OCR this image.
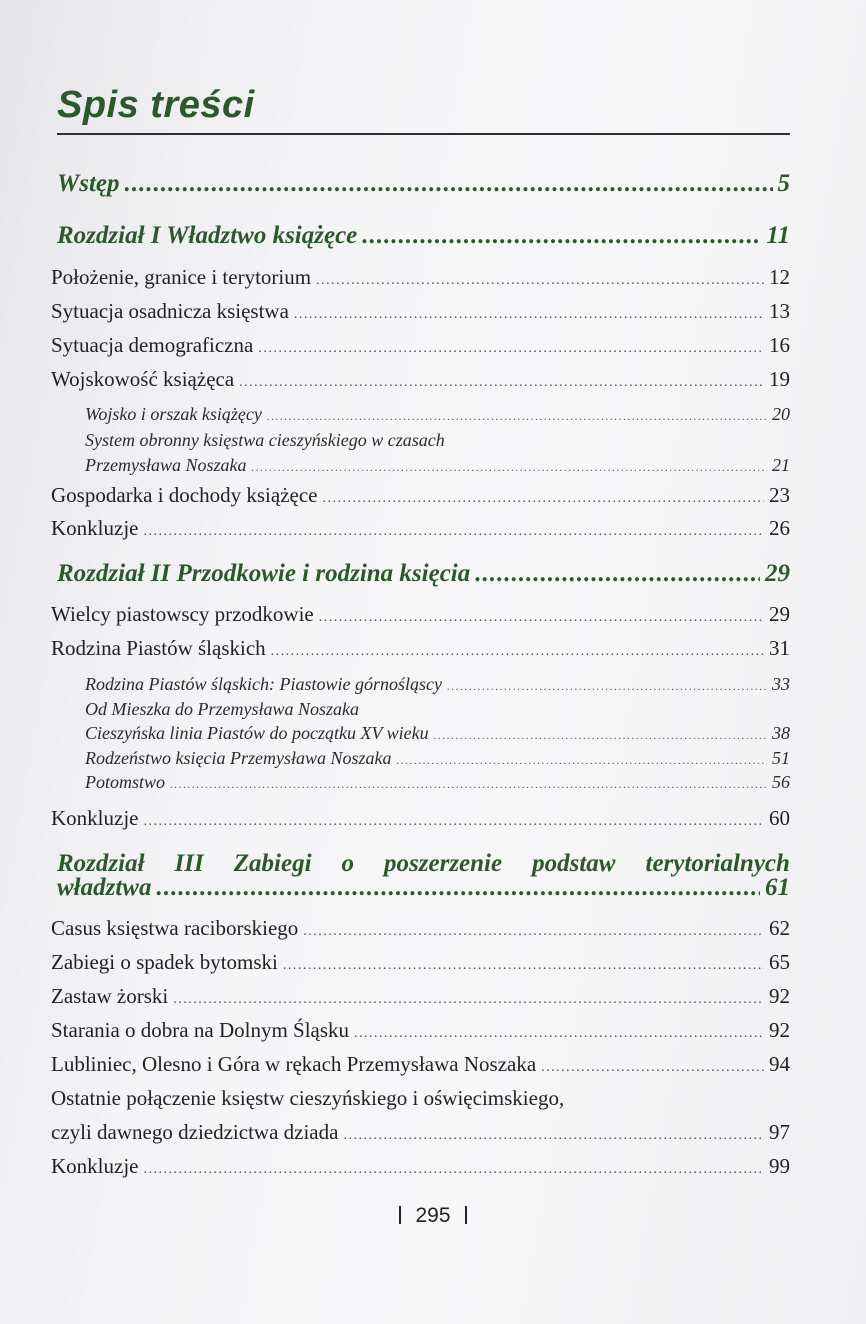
Spis treści
Wstęp .....	5
Rozdział I Władztwo książęce .....	11
Położenie, granice i terytorium .....	12
Sytuacja osadnicza księstwa .....	13
Sytuacja demograficzna .....	16
Wojskowość książęca .....	19
Wojsko i orszak książęcy .....	20
System obronny księstwa cieszyńskiego w czasach
Przemysława Noszaka .....	21
Gospodarka i dochody książęce .....	23
Konkluzje .....	26
Rozdział II Przodkowie i rodzina księcia .....	29
Wielcy piastowscy przodkowie .....	29
Rodzina Piastów śląskich .....	31
Rodzina Piastów śląskich: Piastowie górnośląscy .....	33
Od Mieszka do Przemysława Noszaka
Cieszyńska linia Piastów do początku XV wieku .....	38
Rodzeństwo księcia Przemysława Noszaka .....	51
Potomstwo .....	56
Konkluzje .....	60
Rozdział III Zabiegi o poszerzenie podstaw terytorialnych
władztwa .....	61
Casus księstwa raciborskiego .....	62
Zabiegi o spadek bytomski .....	65
Zastaw żorski .....	92
Starania o dobra na Dolnym Śląsku .....	92
Lubliniec, Olesno i Góra w rękach Przemysława Noszaka .....	94
Ostatnie połączenie księstw cieszyńskiego i oświęcimskiego,
czyli dawnego dziedzictwa dziada .....	97
Konkluzje .....	99
295
